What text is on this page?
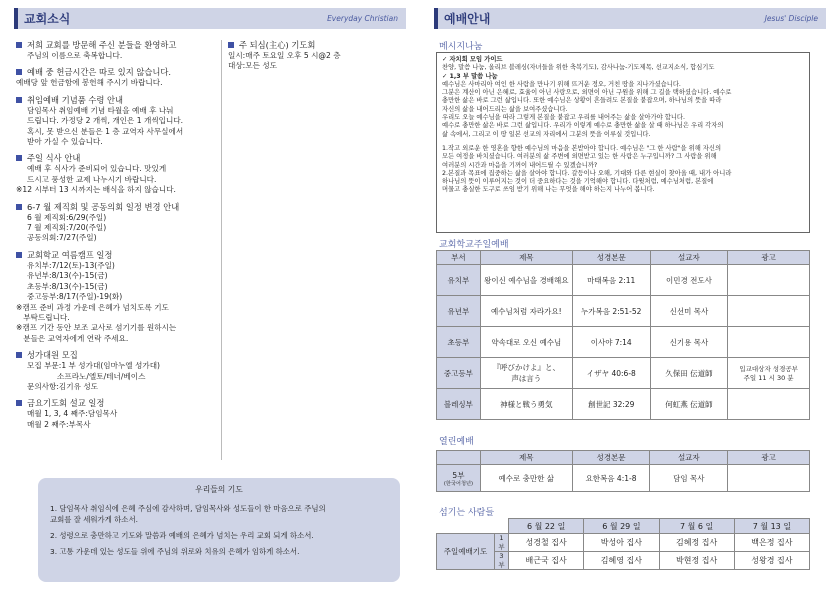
교회소식	Everyday Christian
저희 교회를 방문해 주신 분들을 환영하고
주님의 이름으로 축복합니다.
예배 중 헌금시간은 따로 있지 않습니다.
예배당 앞 헌금함에 봉헌해 주시기 바랍니다.
취임예배 기념품 수령 안내
담임목사 취임예배 기념 타월을 예배 후 나눠
드립니다. 가정당 2 개씩, 개인은 1 개씩입니다.
혹시, 못 받으신 분들은 1 층 교역자 사무실에서
받아 가실 수 있습니다.
주일 식사 안내
예배 후 식사가 준비되어 있습니다. 맛있게
드시고 풍성한 교제 나누시기 바랍니다.
※12 시부터 13 시까지는 배식을 하지 않습니다.
6-7 월 제직회 및 공동의회 일정 변경 안내
6 월 제직회:6/29(주일)
7 월 제직회:7/20(주일)
공동의회:7/27(주일)
교회학교 여름캠프 일정
유치부:7/12(토)-13(주일)
유년부:8/13(수)-15(금)
초등부:8/13(수)-15(금)
중고등부:8/17(주일)-19(화)
※캠프 준비 과정 가운데 은혜가 넘치도록 기도
부탁드립니다.
※캠프 기간 동안 보조 교사로 섬기기를 원하시는
분들은 교역자에게 연락 주세요.
성가대원 모집
모집 부문:1 부 성가대(임마누엘 성가대)
소프라노/엘토/테너/베이스
문의사항:김기유 성도
금요기도회 설교 일정
매월 1, 3, 4 째주:담임목사
매월 2 째주:부목사
주 되심(主心) 기도회
일시:매주 토요일 오후 5 시@2 층
대상:모든 성도
우리들의 기도
1. 담임목사 취임식에 은혜 주심에 감사하며, 담임목사와 성도들이 한 마음으로 주님의
교회를 잘 세워가게 하소서.
2. 성령으로 충만하고 기도와 말씀과 예배의 은혜가 넘치는 우리 교회 되게 하소서.
3. 고통 가운데 있는 성도들 위에 주님의 위로와 치유의 은혜가 임하게 하소서.
예배안내	Jesus' Disciple
메시지나눔
✓ 자치회 모임 가이드
찬양, 말씀 나눔, 올리브 블레싱(자녀들을 위한 축복기도), 감사나눔-기도제목, 선교지소식, 합심기도
✓ 1,3 부 말씀 나눔
예수님은 사마리아 여인 한 사람을 만나기 위해 뜨거운 정오, 거친 땅을 지나가셨습니다.
그분은 계산이 아닌 은혜로, 효율이 아닌 사랑으로, 외면이 아닌 구원을 위해 그 길을 택하셨습니다. 예수로
충만한 삶은 바로 그런 삶입니다. 또한 예수님은 상황이 흔들려도 본질을 붙잡으며, 하나님의 뜻을 따라
자신의 삶을 내어드리는 삶을 보여주셨습니다.
우리도 오늘 예수님을 따라 그렇게 본질을 붙잡고 우리를 내어주는 삶을 살아가야 합니다.
예수로 충만한 삶은 바로 그런 삶입니다. 우리가 이렇게 예수로 충만한 삶을 살 때 하나님은 우리 각자의
삶 속에서, 그리고 이 땅 일본 선교의 자리에서 그분의 뜻을 이루실 것입니다.
1.작고 외로운 한 영혼을 향한 예수님의 마음을 본받아야 합니다. 예수님은 "그 한 사람"을 위해 자신의
모든 여정을 바치셨습니다. 여러분의 삶 주변에 외면받고 있는 한 사람은 누구입니까? 그 사람을 위해
여러분의 시간과 마음을 기꺼이 내어드릴 수 있겠습니까?
2.본질과 목표에 집중하는 삶을 살아야 합니다. 갈등이나 오해, 기대와 다른 현실이 찾아올 때, 내가 아니라
하나님의 뜻이 이루어지는 것이 더 중요하다는 것을 기억해야 합니다. 다윗처럼, 예수님처럼, 본질에
머물고 충실한 도구로 쓰임 받기 위해 나는 무엇을 해야 하는지 나누어 봅니다.
교회학교주일예배
부서	제목	성경본문	설교자	광고
유치부	왕이신 예수님을 경배해요	마태복음 2:11	이민경 전도사	
유년부	예수님처럼 자라가요!	누가복음 2:51-52	신선미 목사	
초등부	약속대로 오신 예수님	이사야 7:14	신기용 목사	
중고등부	『呼びかけよ』と、
声は言う	イザヤ 40:6-8	久保田 伝道師	입교대상자 성경공부
주일 11 시 30 분
블레싱부	神様と戦う勇気	創世記 32:29	何虹燕 伝道師	
열린예배
	제목	성경본문	설교자	광고

5부
(한국어청년)	예수로 충만한 삶	요한복음 4:1-8	담임 목사	
섬기는 사람들
		6 월 22 일	6 월 29 일	7 월 6 일	7 월 13 일
주일예배기도	1부	성경철 집사	박성아 집사	김혜정 집사	백은정 집사
	3부	배근국 집사	김혜영 집사	박현정 집사	성왕경 집사
